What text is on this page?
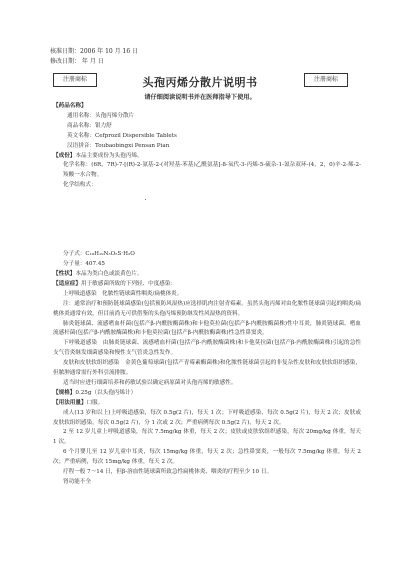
核准日期：2006 年 10 月 16 日
修改日期： 年 月 日
注册商标	注册商标
头孢丙烯分散片说明书
请仔细阅读说明书并在医师指导下使用。

【药品名称】

通用名称：头孢丙烯分散片

商品名称：银力舒

英文名称：Cefprozil Dispersible Tablets

汉语拼音：Toubaobingxi Pensan Pian

【成份】本品主要成份为头孢丙烯。

化学名称：(6R，7R)-7-[(R)-2-氨基-2-(对羟基-苯基)乙酰氨基]-8-氧代-3-丙烯-5-硫杂-1-氮杂双环-(4，2，0)辛-2-烯-2-羧酸一水合物。

化学结构式：

分子式：C₁₈H₁₉N₃O₅S·H₂O

分子量：407.45

【性状】本品为类白色或淡黄色片。

【适应症】用于敏感菌所致的下列轻、中度感染：

上呼吸道感染　化脓性链球菌性咽炎/扁桃体炎。

注：通常治疗和预防链球菌感染(包括预防风湿热)应选择肌肉注射青霉素。虽然头孢丙烯对由化脓性链球菌引起的咽炎/扁桃体炎通常有效，但目前尚无可供借鉴的头孢丙烯预防继发性风湿热的资料。

肺炎链球菌、流感嗜血杆菌(包括产β-内酰胺酶菌株)和卡他莫拉菌(包括产β-内酰胺酶菌株)性中耳炎，肺炎链球菌、嗜血流感杆菌(包括产β-内酰胺酶菌株)和卡他莫拉菌(包括产β-内酰胺酶菌株)性急性鼻窦炎。

下呼吸道感染　由肺炎链球菌、流感嗜血杆菌(包括产β-内酰胺酶菌株)和卡他莫拉菌(包括产β-内酰胺酶菌株)引起的急性支气管炎继发细菌感染和慢性支气管炎急性发作。

皮肤和皮肤软组织感染　金黄色葡萄球菌(包括产青霉素酶菌株)和化脓性链球菌引起的非复杂性皮肤和皮肤软组织感染，但脓肿通常需行外科引流排脓。

适当时应进行细菌培养和药敏试验以确定病原菌对头孢丙烯的敏感性。

【规格】0.25g（以头孢丙烯计）

【用法用量】口服。

成人(13 岁和以上)上呼吸道感染，每次 0.5g(2 片)，每天 1 次；下呼吸道感染，每次 0.5g(2 片)，每天 2 次；皮肤或皮肤软组织感染，每次 0.5g(2 片)，分 1 次或 2 次；严重病例每次 0.5g(2 片)，每天 2 次。

2 至 12 岁儿童上呼吸道感染，每次 7.5mg/kg 体重，每天 2 次；皮肤或皮肤软组织感染，每次 20mg/kg 体重，每天 1 次。

6 个月婴儿至 12 岁儿童中耳炎，每次 15mg/kg 体重，每天 2 次；急性鼻窦炎，一般每次 7.5mg/kg 体重，每天 2 次；严重病例，每次 15mg/kg 体重，每天 2 次。

疗程一般 7～14 日，但β-溶血性链球菌所致急性扁桃体炎、咽炎的疗程至少 10 日。

肾功能不全
